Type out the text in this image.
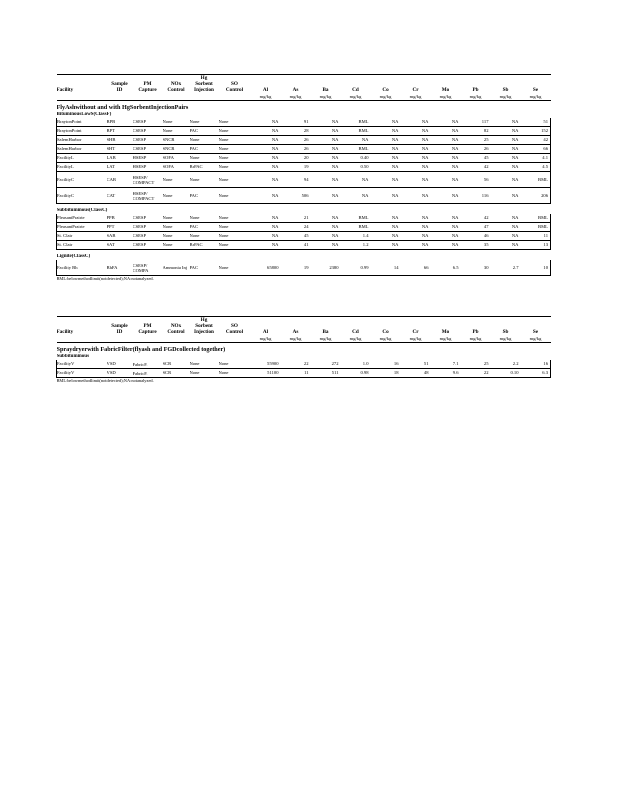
				Hg											
	Sample	PM	NOx	Sorbent	SO										
Facility	ID	Capture	Control	Injection	Control	Al	As	Ba	Cd	Co	Cr	Mo	Pb	Sb	Se
						mg/kg	mg/kg	mg/kg	mg/kg	mg/kg	mg/kg	mg/kg	mg/kg	mg/kg	mg/kg
FlyAshwithout and with HgSorbentInjectionPairs															
BituminousLowS(ClassF)															
BraytonPoint	BPB	CSESP	None	None	None	NA	91	NA	BML	NA	NA	NA	117	NA	51
BraytonPoint	BPT	CSESP	None	PAC	None	NA	28	NA	BML	NA	NA	NA	82	NA	152
SalemHarbor	SHB	CSESP	SNCR	None	None	NA	26	NA	NA	NA	NA	NA	25	NA	42
SalemHarbor	SHT	CSESP	SNCR	PAC	None	NA	26	NA	BML	NA	NA	NA	26	NA	66
FacilityL	LAB	HSESP	SOFA	None	None	NA	20	NA	0.40	NA	NA	NA	45	NA	4.1
FacilityL	LAT	HSESP	SOFA	BrPAC	None	NA	19	NA	0.50	NA	NA	NA	42	NA	4.5
FacilityC	CAB	HSESP/ COMPACT	None	None	None	NA	94	NA	NA	NA	NA	NA	56	NA	BML
FacilityC	CAT	HSESP/ COMPACT	None	PAC	None	NA	506	NA	NA	NA	NA	NA	116	NA	206

Subbituminous(ClassC)															
PleasantPrairie	PPB	CSESP	None	None	None	NA	21	NA	BML	NA	NA	NA	42	NA	BML
PleasantPrairie	PPT	CSESP	None	PAC	None	NA	24	NA	BML	NA	NA	NA	47	NA	BML
St. Clair	SAB	CSESP	None	None	None	NA	45	NA	1.4	NA	NA	NA	46	NA	11
St. Clair	SAT	CSESP	None	BrPAC	None	NA	41	NA	1.2	NA	NA	NA	35	NA	13

Lignite(ClassC)															
Facility Bh	BhFA	CSESP/ COMPA	Ammonia Inj	PAC	None	65800	19	2380	0.99	14	66	6.5	30	2.7	10
BML:belowmethodlimit(notdetected);NA:notanalyzed.															
				Hg											
	Sample	PM	NOx	Sorbent	SO										
Facility	ID	Capture	Control	Injection	Control	Al	As	Ba	Cd	Co	Cr	Mo	Pb	Sb	Se
						mg/kg	mg/kg	mg/kg	mg/kg	mg/kg	mg/kg	mg/kg	mg/kg	mg/kg	mg/kg
Spraydryerwith FabricFilter(flyash and FGDcollected together)															
Subbituminous															
FacilityV	VSD	FabricF.	SCR	None	None	55900	22	272	1.0	16	51	7.1	25	2.2	16
FacilityV	VSD	FabricF.	SCR	None	None	51100	11	511	0.98	18	48	9.6	22	0.10	6.3
BML:belowmethodlimit(notdetected);NA:notanalyzed.															
